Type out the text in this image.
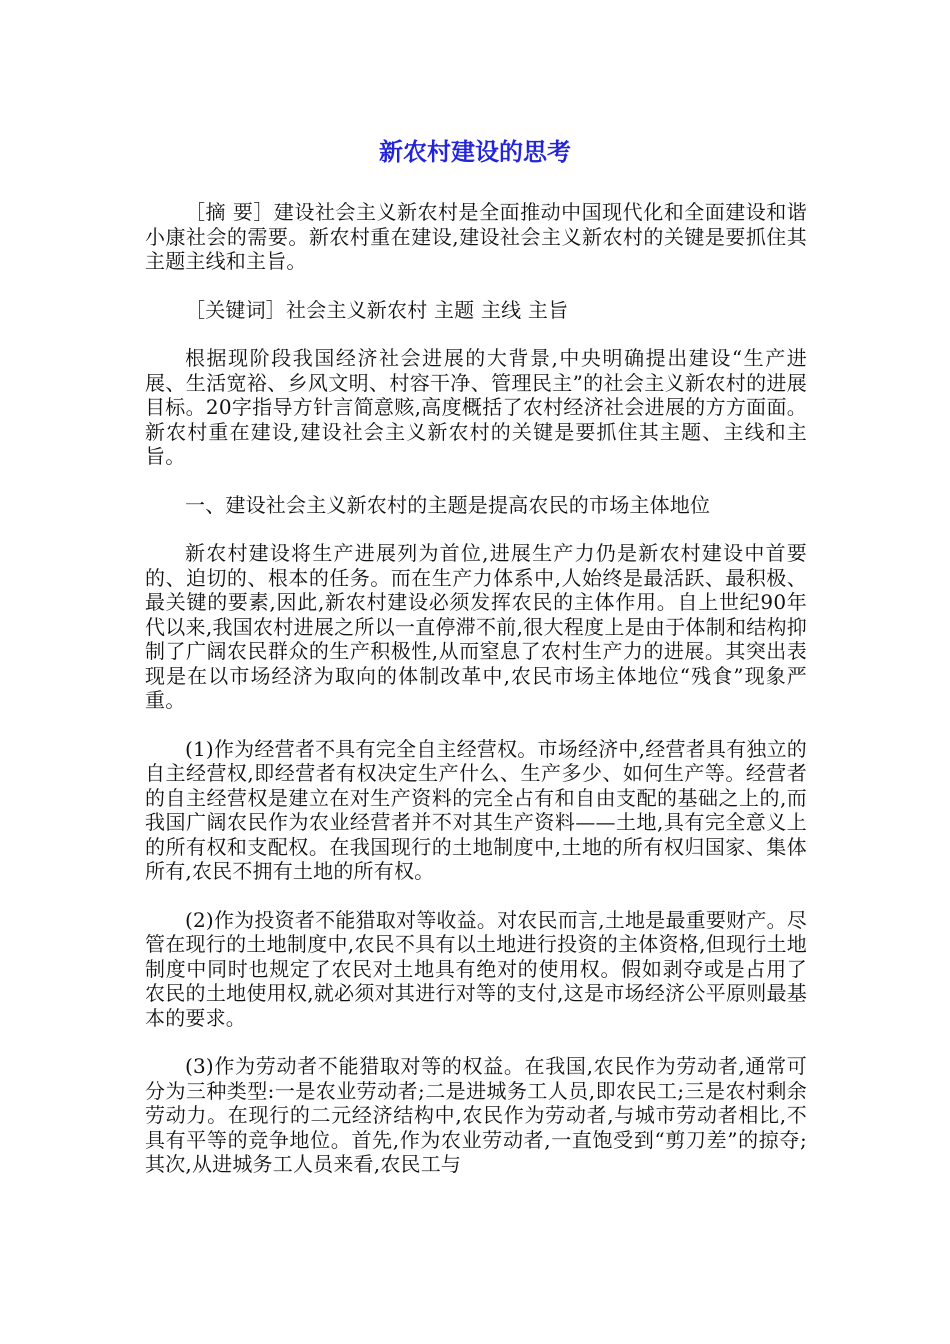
新农村建设的思考

［摘 要］建设社会主义新农村是全面推动中国现代化和全面建设和谐小康社会的需要。新农村重在建设,建设社会主义新农村的关键是要抓住其主题主线和主旨。

［关键词］社会主义新农村 主题 主线 主旨

根据现阶段我国经济社会进展的大背景,中央明确提出建设“生产进展、生活宽裕、乡风文明、村容干净、管理民主”的社会主义新农村的进展目标。20字指导方针言简意赅,高度概括了农村经济社会进展的方方面面。新农村重在建设,建设社会主义新农村的关键是要抓住其主题、主线和主旨。

一、建设社会主义新农村的主题是提高农民的市场主体地位

新农村建设将生产进展列为首位,进展生产力仍是新农村建设中首要的、迫切的、根本的任务。而在生产力体系中,人始终是最活跃、最积极、最关键的要素,因此,新农村建设必须发挥农民的主体作用。自上世纪90年代以来,我国农村进展之所以一直停滞不前,很大程度上是由于体制和结构抑制了广阔农民群众的生产积极性,从而窒息了农村生产力的进展。其突出表现是在以市场经济为取向的体制改革中,农民市场主体地位“残食”现象严重。

(1)作为经营者不具有完全自主经营权。市场经济中,经营者具有独立的自主经营权,即经营者有权决定生产什么、生产多少、如何生产等。经营者的自主经营权是建立在对生产资料的完全占有和自由支配的基础之上的,而我国广阔农民作为农业经营者并不对其生产资料——土地,具有完全意义上的所有权和支配权。在我国现行的土地制度中,土地的所有权归国家、集体所有,农民不拥有土地的所有权。

(2)作为投资者不能猎取对等收益。对农民而言,土地是最重要财产。尽管在现行的土地制度中,农民不具有以土地进行投资的主体资格,但现行土地制度中同时也规定了农民对土地具有绝对的使用权。假如剥夺或是占用了农民的土地使用权,就必须对其进行对等的支付,这是市场经济公平原则最基本的要求。

(3)作为劳动者不能猎取对等的权益。在我国,农民作为劳动者,通常可分为三种类型:一是农业劳动者;二是进城务工人员,即农民工;三是农村剩余劳动力。在现行的二元经济结构中,农民作为劳动者,与城市劳动者相比,不具有平等的竞争地位。首先,作为农业劳动者,一直饱受到“剪刀差”的掠夺;其次,从进城务工人员来看,农民工与
